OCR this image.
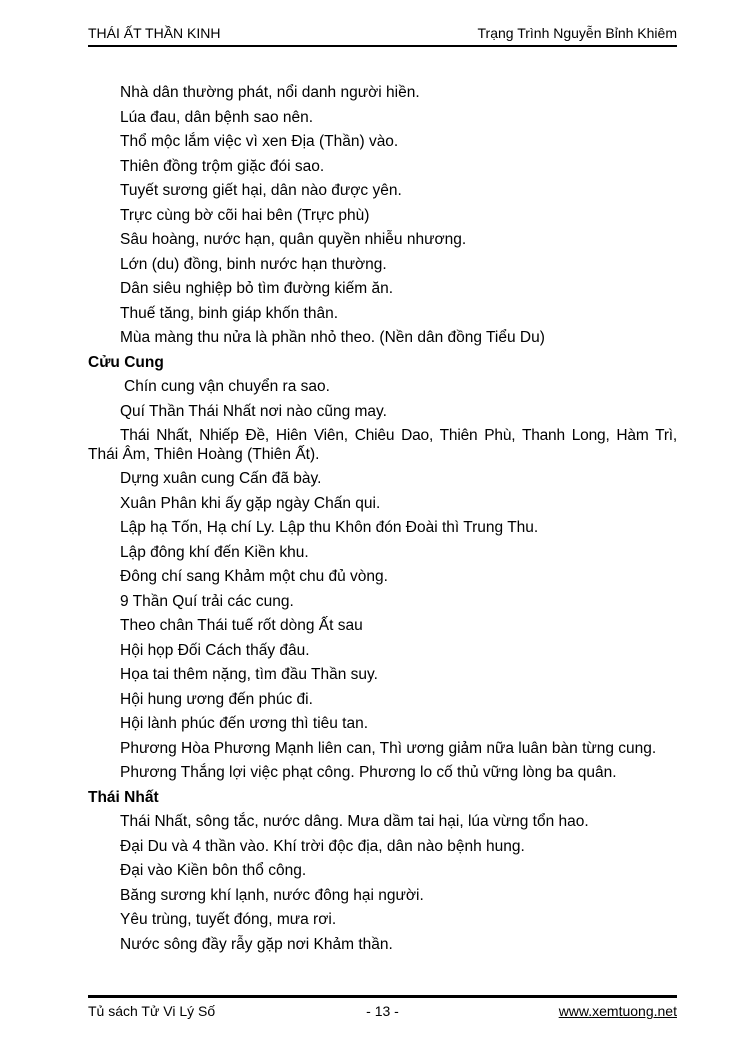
THÁI ẤT THẦN KINH	Trạng Trình Nguyễn Bỉnh Khiêm

Nhà dân thường phát, nổi danh người hiền.

Lúa đau, dân bệnh sao nên.

Thổ mộc lắm việc vì xen Địa (Thần) vào.

Thiên đồng trộm giặc đói sao.

Tuyết sương giết hại, dân nào được yên.

Trực cùng bờ cõi hai bên (Trực phù)

Sâu hoàng, nước hạn, quân quyền nhiễu nhương.

Lớn (du) đồng, binh nước hạn thường.

Dân siêu nghiệp bỏ tìm đường kiếm ăn.

Thuế tăng, binh giáp khốn thân.

Mùa màng thu nửa là phần nhỏ theo. (Nền dân đồng Tiểu Du)

Cửu Cung

Chín cung vận chuyển ra sao.

Quí Thần Thái Nhất nơi nào cũng may.

Thái Nhất, Nhiếp Đề, Hiên Viên, Chiêu Dao, Thiên Phù, Thanh Long, Hàm Trì,
Thái Âm, Thiên Hoàng (Thiên Ất).

Dựng xuân cung Cấn đã bày.

Xuân Phân khi ấy gặp ngày Chấn qui.

Lập hạ Tốn, Hạ chí Ly. Lập thu Khôn đón Đoài thì Trung Thu.

Lập đông khí đến Kiền khu.

Đông chí sang Khảm một chu đủ vòng.

9 Thần Quí trải các cung.

Theo chân Thái tuế rốt dòng Ất sau

Hội họp Đối Cách thấy đâu.

Họa tai thêm nặng, tìm đầu Thần suy.

Hội hung ương đến phúc đi.

Hội lành phúc đến ương thì tiêu tan.

Phương Hòa Phương Mạnh liên can, Thì ương giảm nữa luân bàn từng cung.

Phương Thắng lợi việc phạt công. Phương lo cố thủ vững lòng ba quân.

Thái Nhất

Thái Nhất, sông tắc, nước dâng. Mưa dầm tai hại, lúa vừng tổn hao.

Đại Du và 4 thần vào. Khí trời độc địa, dân nào bệnh hung.

Đại vào Kiền bôn thổ công.

Băng sương khí lạnh, nước đông hại người.

Yêu trùng, tuyết đóng, mưa rơi.

Nước sông đầy rẫy gặp nơi Khảm thần.

Tủ sách Tử Vi Lý Số	- 13 -	www.xemtuong.net
